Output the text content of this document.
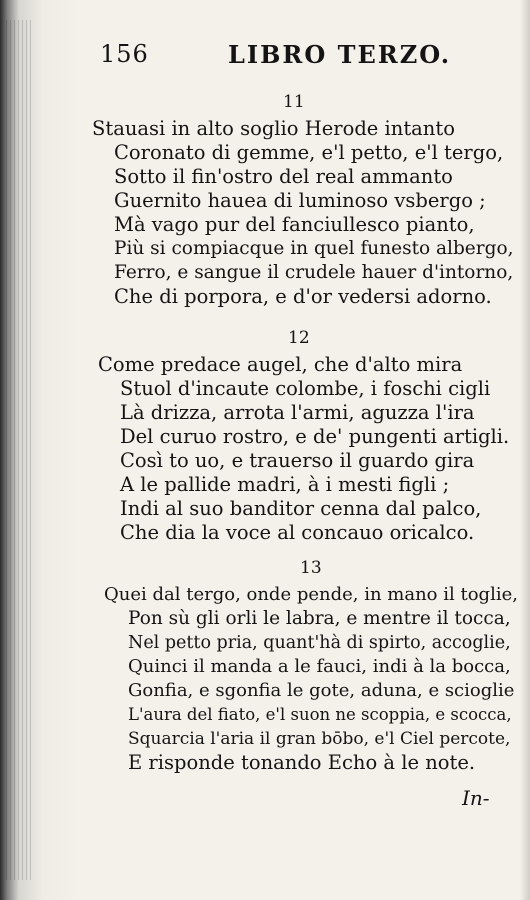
156	LIBRO TERZO.
11
Stauasi in alto soglio Herode intanto
Coronato di gemme, e'l petto, e'l tergo,
Sotto il fin'ostro del real ammanto
Guernito hauea di luminoso vsbergo ;
Mà vago pur del fanciullesco pianto,
Più si compiacque in quel funesto albergo,
Ferro, e sangue il crudele hauer d'intorno,
Che di porpora, e d'or vedersi adorno.
12
Come predace augel, che d'alto mira
Stuol d'incaute colombe, i foschi cigli
Là drizza, arrota l'armi, aguzza l'ira
Del curuo rostro, e de' pungenti artigli.
Così to uo, e trauerso il guardo gira
A le pallide madri, à i mesti figli ;
Indi al suo banditor cenna dal palco,
Che dia la voce al concauo oricalco.
13
Quei dal tergo, onde pende, in mano il toglie,
Pon sù gli orli le labra, e mentre il tocca,
Nel petto pria, quant'hà di spirto, accoglie,
Quinci il manda a le fauci, indi à la bocca,
Gonfia, e sgonfia le gote, aduna, e scioglie
L'aura del fiato, e'l suon ne scoppia, e scocca,
Squarcia l'aria il gran bōbo, e'l Ciel percote,
E risponde tonando Echo à le note.
In-
